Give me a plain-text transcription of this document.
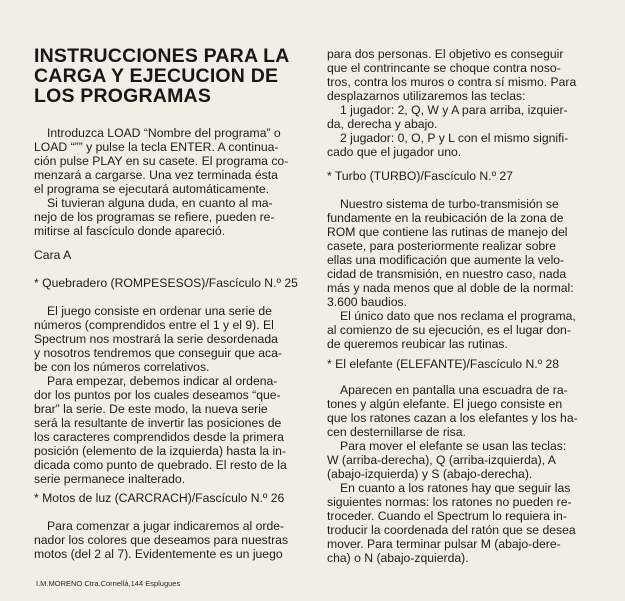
INSTRUCCIONES PARA LA
CARGA Y EJECUCION DE
LOS PROGRAMAS
Introduzca LOAD “Nombre del programa” o
LOAD “”” y pulse la tecla ENTER. A continua-
ción pulse PLAY en su casete. El programa co-
menzará a cargarse. Una vez terminada ésta
el programa se ejecutará automáticamente.
Si tuvieran alguna duda, en cuanto al ma-
nejo de los programas se refiere, pueden re-
mitirse al fascículo donde apareció.
Cara A
* Quebradero (ROMPESESOS)/Fascículo N.º 25
El juego consiste en ordenar una serie de
números (comprendidos entre el 1 y el 9). El
Spectrum nos mostrará la serie desordenada
y nosotros tendremos que conseguir que aca-
be con los números correlativos.
Para empezar, debemos indicar al ordena-
dor los puntos por los cuales deseamos “que-
brar” la serie. De este modo, la nueva serie
será la resultante de invertir las posiciones de
los caracteres comprendidos desde la primera
posición (elemento de la izquierda) hasta la in-
dicada como punto de quebrado. El resto de la
serie permanece inalterado.
* Motos de luz (CARCRACH)/Fascículo N.º 26
Para comenzar a jugar indicaremos al orde-
nador los colores que deseamos para nuestras
motos (del 2 al 7). Evidentemente es un juego
para dos personas. El objetivo es conseguir
que el contrincante se choque contra noso-
tros, contra los muros o contra sí mismo. Para
desplazarnos utilizaremos las teclas:
1 jugador: 2, Q, W y A para arriba, izquier-
da, derecha y abajo.
2 jugador: 0, O, P y L con el mismo signifi-
cado que el jugador uno.
* Turbo (TURBO)/Fascículo N.º 27
Nuestro sistema de turbo-transmisión se
fundamente en la reubicación de la zona de
ROM que contiene las rutinas de manejo del
casete, para posteriormente realizar sobre
ellas una modificación que aumente la velo-
cidad de transmisión, en nuestro caso, nada
más y nada menos que al doble de la normal:
3.600 baudios.
El único dato que nos reclama el programa,
al comienzo de su ejecución, es el lugar don-
de queremos reubicar las rutinas.
* El elefante (ELEFANTE)/Fascículo N.º 28
Aparecen en pantalla una escuadra de ra-
tones y algún elefante. El juego consiste en
que los ratones cazan a los elefantes y los ha-
cen desternillarse de risa.
Para mover el elefante se usan las teclas:
W (arriba-derecha), Q (arriba-izquierda), A
(abajo-izquierda) y S (abajo-derecha).
En cuanto a los ratones hay que seguir las
siguientes normas: los ratones no pueden re-
troceder. Cuando el Spectrum lo requiera in-
troducir la coordenada del ratón que se desea
mover. Para terminar pulsar M (abajo-dere-
cha) o N (abajo-zquierda).
I.M.MORENO Ctra.Cornellá,144 Esplugues
